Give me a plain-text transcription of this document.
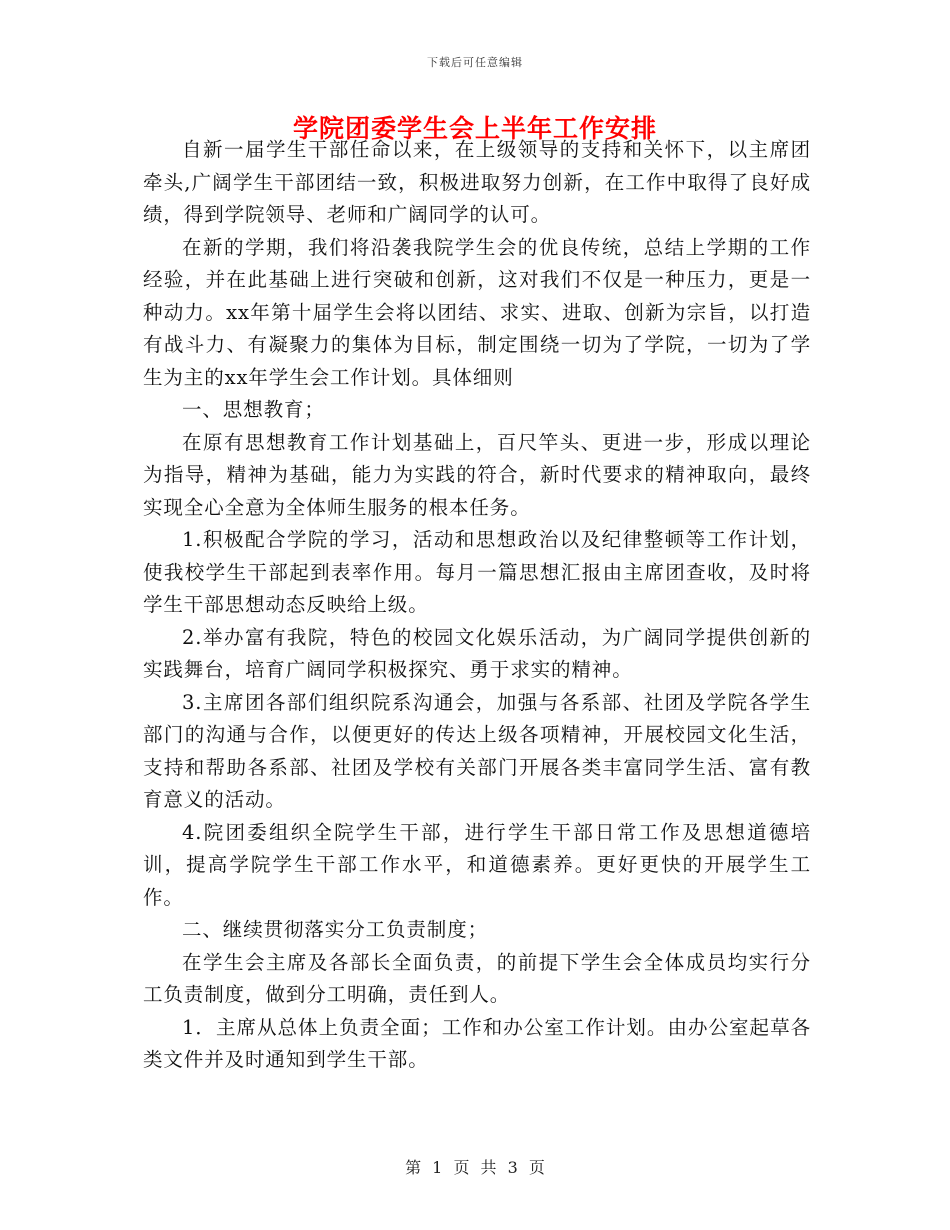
下载后可任意编辑
学院团委学生会上半年工作安排

自新一届学生干部任命以来，在上级领导的支持和关怀下，以主席团牵头,广阔学生干部团结一致，积极进取努力创新，在工作中取得了良好成绩，得到学院领导、老师和广阔同学的认可。

在新的学期，我们将沿袭我院学生会的优良传统，总结上学期的工作经验，并在此基础上进行突破和创新，这对我们不仅是一种压力，更是一种动力。xx年第十届学生会将以团结、求实、进取、创新为宗旨，以打造有战斗力、有凝聚力的集体为目标，制定围绕一切为了学院，一切为了学生为主的xx年学生会工作计划。具体细则

一、思想教育；

在原有思想教育工作计划基础上，百尺竿头、更进一步，形成以理论为指导，精神为基础，能力为实践的符合，新时代要求的精神取向，最终实现全心全意为全体师生服务的根本任务。

1.积极配合学院的学习，活动和思想政治以及纪律整顿等工作计划，使我校学生干部起到表率作用。每月一篇思想汇报由主席团查收，及时将学生干部思想动态反映给上级。

2.举办富有我院，特色的校园文化娱乐活动，为广阔同学提供创新的实践舞台，培育广阔同学积极探究、勇于求实的精神。

3.主席团各部们组织院系沟通会，加强与各系部、社团及学院各学生部门的沟通与合作，以便更好的传达上级各项精神，开展校园文化生活，支持和帮助各系部、社团及学校有关部门开展各类丰富同学生活、富有教育意义的活动。

4.院团委组织全院学生干部，进行学生干部日常工作及思想道德培训，提高学院学生干部工作水平，和道德素养。更好更快的开展学生工作。

二、继续贯彻落实分工负责制度；

在学生会主席及各部长全面负责，的前提下学生会全体成员均实行分工负责制度，做到分工明确，责任到人。

1．主席从总体上负责全面；工作和办公室工作计划。由办公室起草各类文件并及时通知到学生干部。

第 1 页 共 3 页
